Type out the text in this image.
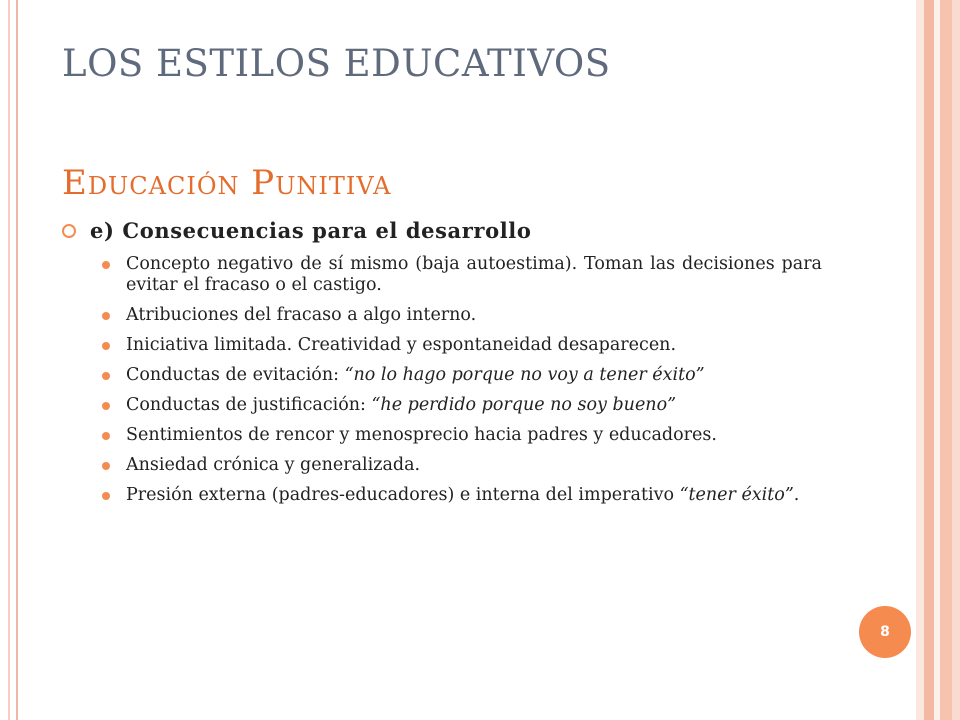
LOS ESTILOS EDUCATIVOS
Educación Punitiva
e) Consecuencias para el desarrollo
Concepto negativo de sí mismo (baja autoestima). Toman las decisiones para evitar el fracaso o el castigo.
Atribuciones del fracaso a algo interno.
Iniciativa limitada. Creatividad y espontaneidad desaparecen.
Conductas de evitación: “no lo hago porque no voy a tener éxito”
Conductas de justificación: “he perdido porque no soy bueno”
Sentimientos de rencor y menosprecio hacia padres y educadores.
Ansiedad crónica y generalizada.
Presión externa (padres-educadores) e interna del imperativo “tener éxito”.
8
